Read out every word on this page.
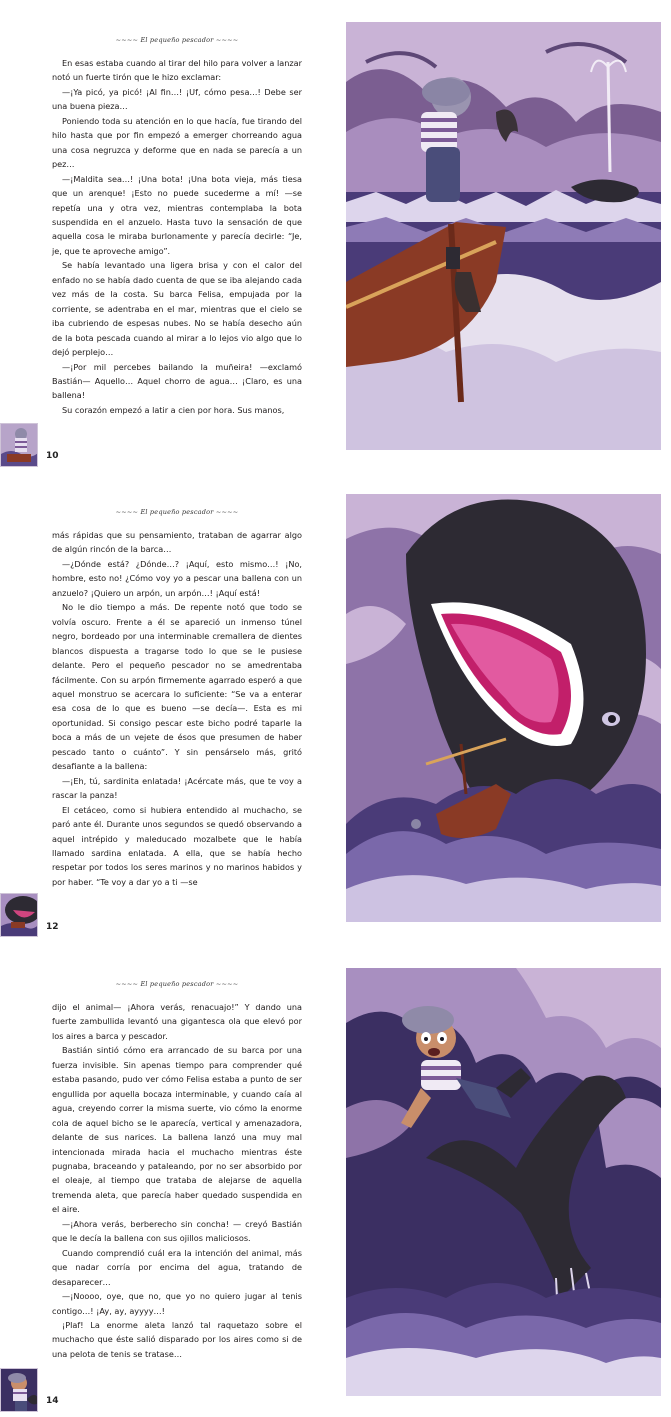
~~~~ El pequeño pescador ~~~~

En esas estaba cuando al tirar del hilo para volver a lanzar notó un fuerte tirón que le hizo exclamar:

—¡Ya picó, ya picó! ¡Al fin…! ¡Uf, cómo pesa…! Debe ser una buena pieza…

Poniendo toda su atención en lo que hacía, fue tirando del hilo hasta que por fin empezó a emerger chorreando agua una cosa negruzca y deforme que en nada se parecía a un pez…

—¡Maldita sea…! ¡Una bota! ¡Una bota vieja, más tiesa que un arenque! ¡Esto no puede sucederme a mí! —se repetía una y otra vez, mientras contemplaba la bota suspendida en el anzuelo. Hasta tuvo la sensación de que aquella cosa le miraba burlonamente y parecía decirle: “Je, je, que te aproveche amigo”.

Se había levantado una ligera brisa y con el calor del enfado no se había dado cuenta de que se iba alejando cada vez más de la costa. Su barca Felisa, empujada por la corriente, se adentraba en el mar, mientras que el cielo se iba cubriendo de espesas nubes. No se había desecho aún de la bota pescada cuando al mirar a lo lejos vio algo que lo dejó perplejo…

—¡Por mil percebes bailando la muñeira! —exclamó Bastián— Aquello… Aquel chorro de agua… ¡Claro, es una ballena!

Su corazón empezó a latir a cien por hora. Sus manos,

10
~~~~ El pequeño pescador ~~~~

más rápidas que su pensamiento, trataban de agarrar algo de algún rincón de la barca…

—¿Dónde está? ¿Dónde…? ¡Aquí, esto mismo…! ¡No, hombre, esto no! ¿Cómo voy yo a pescar una ballena con un anzuelo? ¡Quiero un arpón, un arpón…! ¡Aquí está!

No le dio tiempo a más. De repente notó que todo se volvía oscuro. Frente a él se apareció un inmenso túnel negro, bordeado por una interminable cremallera de dientes blancos dispuesta a tragarse todo lo que se le pusiese delante. Pero el pequeño pescador no se amedrentaba fácilmente. Con su arpón firmemente agarrado esperó a que aquel monstruo se acercara lo suficiente: “Se va a enterar esa cosa de lo que es bueno —se decía—. Esta es mi oportunidad. Si consigo pescar este bicho podré taparle la boca a más de un vejete de ésos que presumen de haber pescado tanto o cuánto”. Y sin pensárselo más, gritó desafiante a la ballena:

—¡Eh, tú, sardinita enlatada! ¡Acércate más, que te voy a rascar la panza!

El cetáceo, como si hubiera entendido al muchacho, se paró ante él. Durante unos segundos se quedó observando a aquel intrépido y maleducado mozalbete que le había llamado sardina enlatada. A ella, que se había hecho respetar por todos los seres marinos y no marinos habidos y por haber. “Te voy a dar yo a ti —se

12
~~~~ El pequeño pescador ~~~~

dijo el animal— ¡Ahora verás, renacuajo!” Y dando una fuerte zambullida levantó una gigantesca ola que elevó por los aires a barca y pescador.

Bastián sintió cómo era arrancado de su barca por una fuerza invisible. Sin apenas tiempo para comprender qué estaba pasando, pudo ver cómo Felisa estaba a punto de ser engullida por aquella bocaza interminable, y cuando caía al agua, creyendo correr la misma suerte, vio cómo la enorme cola de aquel bicho se le aparecía, vertical y amenazadora, delante de sus narices. La ballena lanzó una muy mal intencionada mirada hacia el muchacho mientras éste pugnaba, braceando y pataleando, por no ser absorbido por el oleaje, al tiempo que trataba de alejarse de aquella tremenda aleta, que parecía haber quedado suspendida en el aire.

—¡Ahora verás, berberecho sin concha! — creyó Bastián que le decía la ballena con sus ojillos maliciosos.

Cuando comprendió cuál era la intención del animal, más que nadar corría por encima del agua, tratando de desaparecer…

—¡Noooo, oye, que no, que yo no quiero jugar al tenis contigo…! ¡Ay, ay, ayyyy…!

¡Plaf! La enorme aleta lanzó tal raquetazo sobre el muchacho que éste salió disparado por los aires como si de una pelota de tenis se tratase…

14
